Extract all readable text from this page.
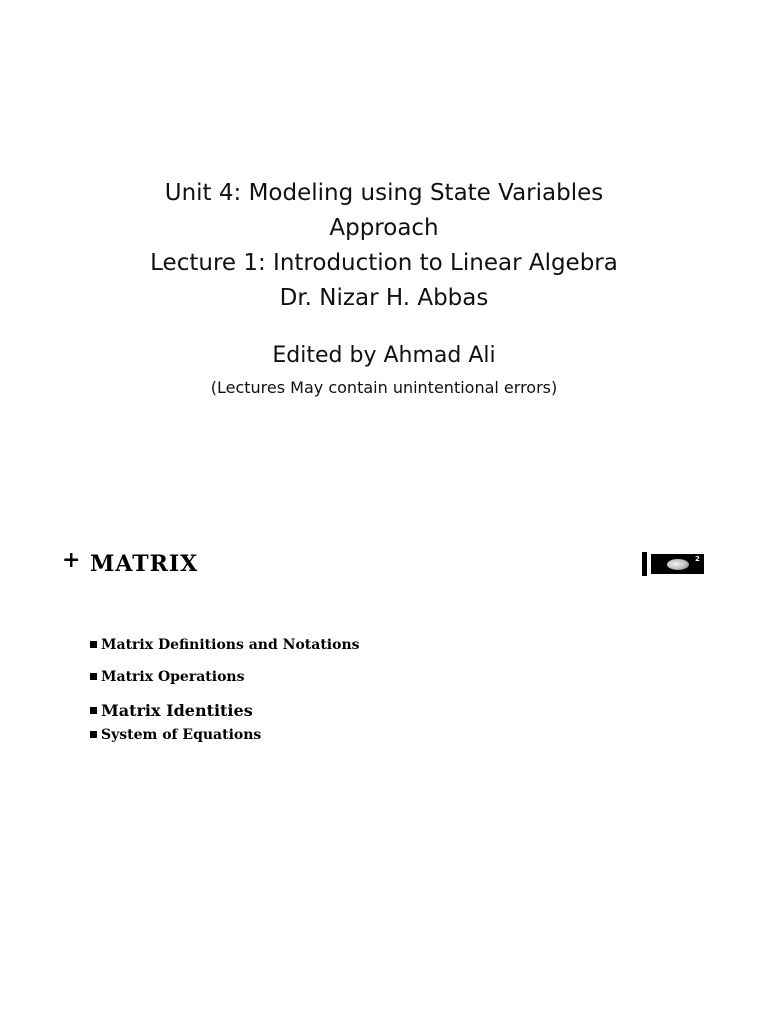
Unit 4: Modeling using State Variables
Approach
Lecture 1: Introduction to Linear Algebra
Dr. Nizar H. Abbas
Edited by Ahmad Ali
(Lectures May contain unintentional errors)
+ MATRIX	2
Matrix Definitions and Notations
Matrix Operations
Matrix Identities
System of Equations
